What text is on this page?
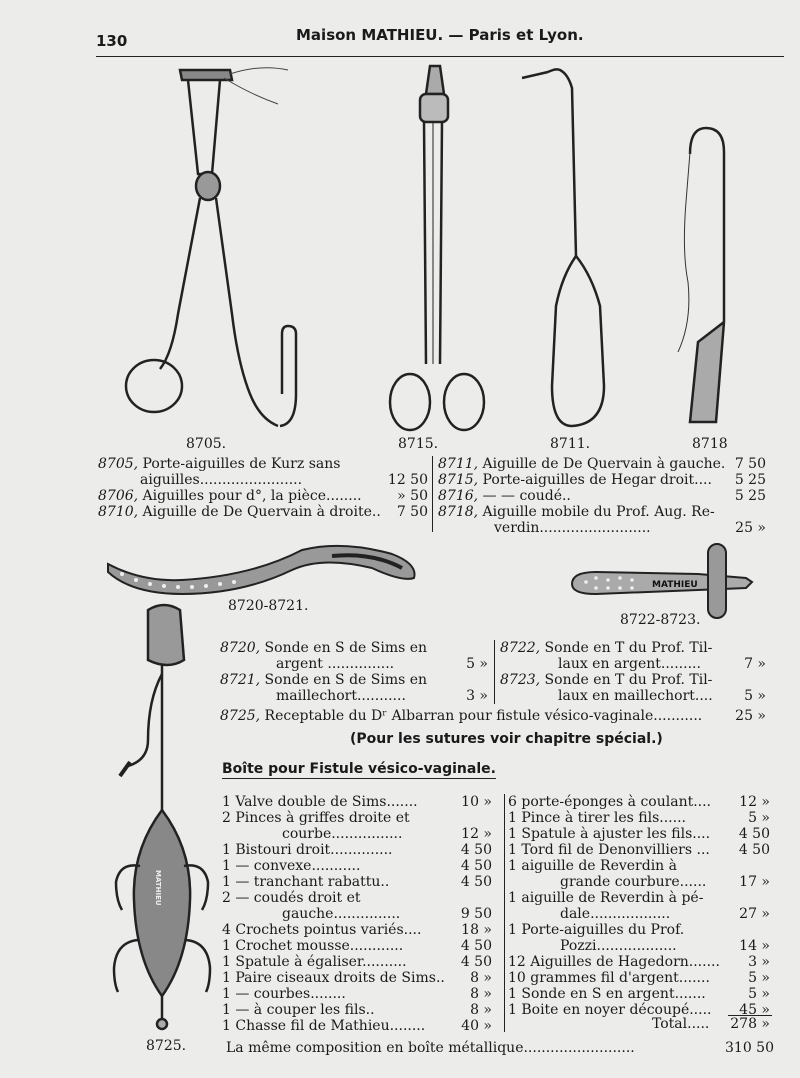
130	Maison MATHIEU. — Paris et Lyon.
8705.	8715.	8711.	8718
8705, Porte-aiguilles de Kurz sans
aiguilles.......................	12 50
8706, Aiguilles pour d°, la pièce........	» 50
8710, Aiguille de De Quervain à droite..	7 50
8711, Aiguille de De Quervain à gauche. 7 50
8715, Porte-aiguilles de Hegar droit....	5 25
8716, — — coudé..	5 25
8718, Aiguille mobile du Prof. Aug. Re-
verdin.........................	25 »
8720-8721.
MATHIEU
8722-8723.
MATHIEU
8725.
8720, Sonde en S de Sims en
argent ...............	5 »
8721, Sonde en S de Sims en
maillechort...........	3 »
8722, Sonde en T du Prof. Til-
laux en argent.........	7 »
8723, Sonde en T du Prof. Til-
laux en maillechort....	5 »
8725, Receptable du Dʳ Albarran pour fistule vésico-vaginale...........	25 »
(Pour les sutures voir chapitre spécial.)
Boîte pour Fistule vésico-vaginale.
1 Valve double de Sims.......	10 »
2 Pinces à griffes droite et
courbe................	12 »
1 Bistouri droit..............	4 50
1 — convexe...........	4 50
1 — tranchant rabattu..	4 50
2 — coudés droit et
gauche...............	9 50
4 Crochets pointus variés....	18 »
1 Crochet mousse............	4 50
1 Spatule à égaliser..........	4 50
1 Paire ciseaux droits de Sims..	8 »
1 — courbes........	8 »
1 — à couper les fils..	8 »
1 Chasse fil de Mathieu........	40 »
6 porte-éponges à coulant....	12 »
1 Pince à tirer les fils......	5 »
1 Spatule à ajuster les fils....	4 50
1 Tord fil de Denonvilliers ...	4 50
1 aiguille de Reverdin à
grande courbure......	17 »
1 aiguille de Reverdin à pé-
dale..................	27 »
1 Porte-aiguilles du Prof.
Pozzi..................	14 »
12 Aiguilles de Hagedorn.......	3 »
10 grammes fil d'argent.......	5 »
1 Sonde en S en argent.......	5 »
1 Boite en noyer découpé.....	45 »
Total.....	278 »
La même composition en boîte métallique.........................	310 50
